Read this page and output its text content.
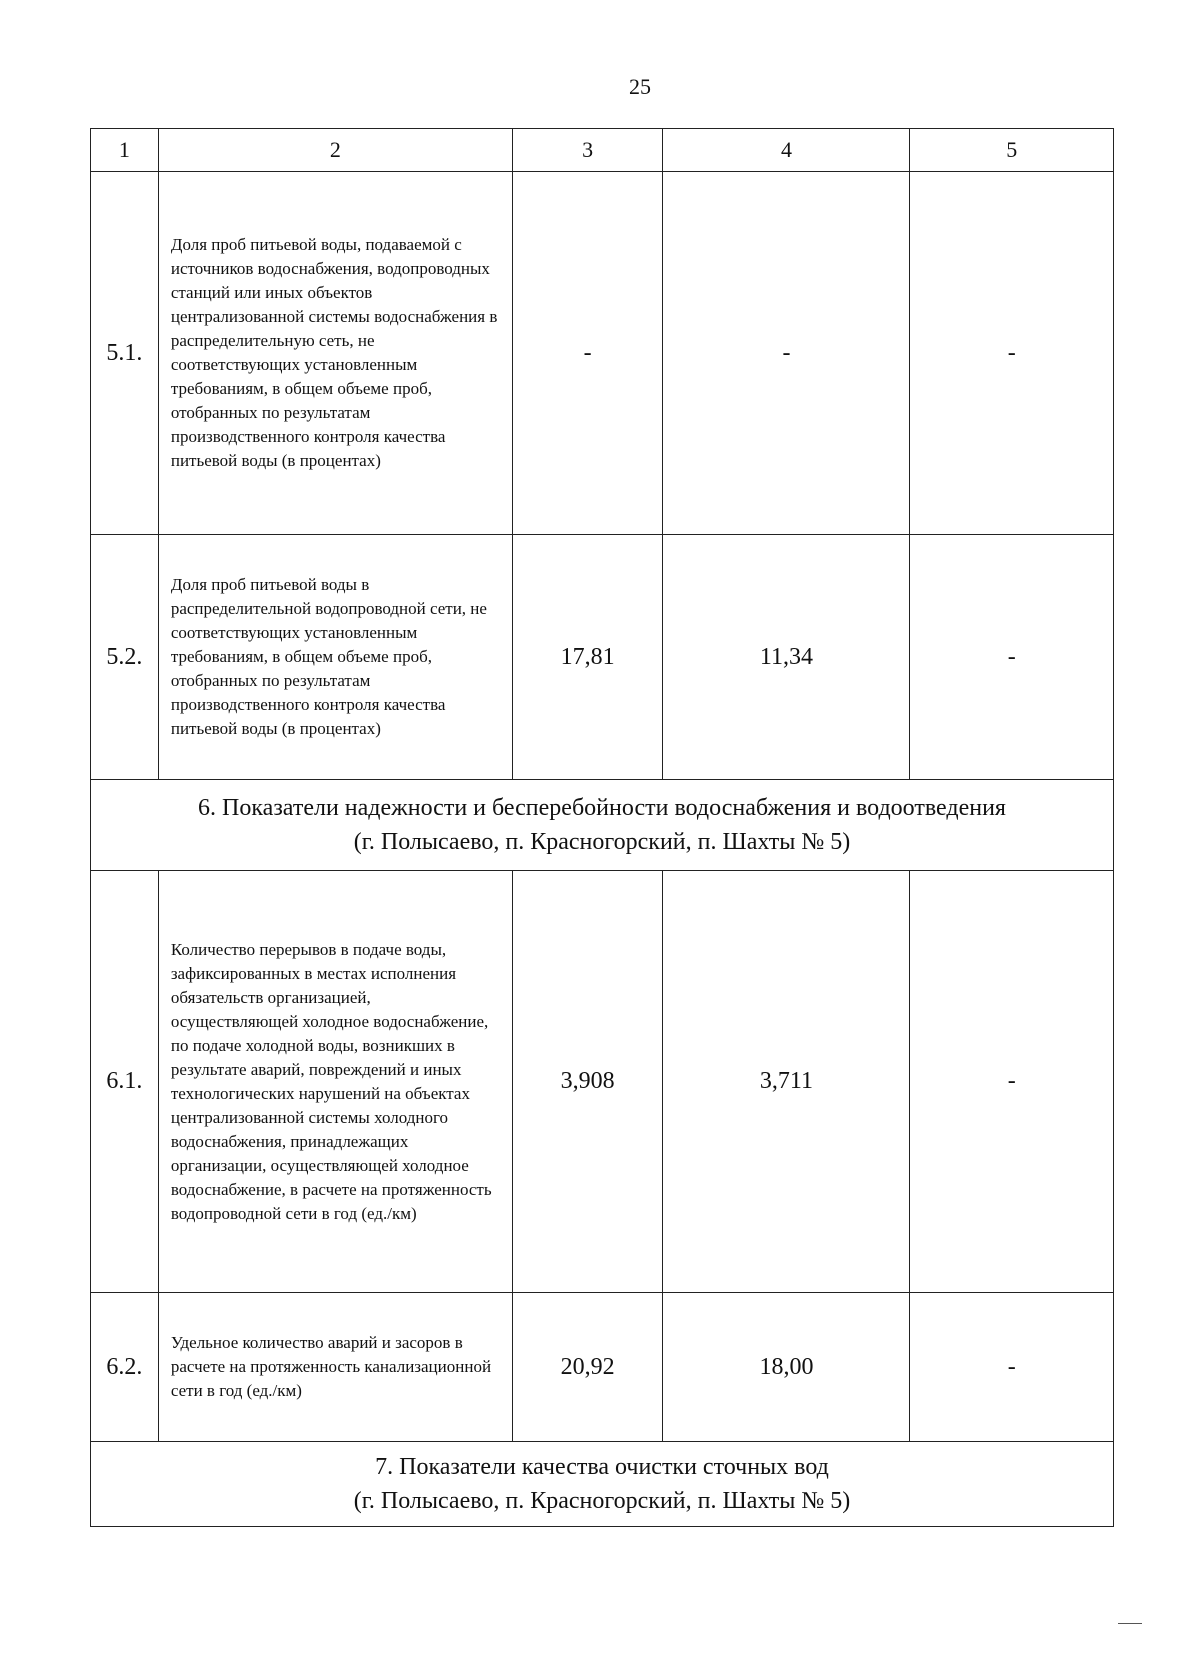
25
1	2	3	4	5
5.1.	Доля проб питьевой воды, подаваемой с источников водоснабжения, водопроводных станций или иных объектов централизованной системы водоснабжения в распределительную сеть, не соответствующих установленным требованиям, в общем объеме проб, отобранных по результатам производственного контроля качества питьевой воды (в процентах)	-	-	-
5.2.	Доля проб питьевой воды в распределительной водопроводной сети, не соответствующих установленным требованиям, в общем объеме проб, отобранных по результатам производственного контроля качества питьевой воды (в процентах)	17,81	11,34	-

6. Показатели надежности и бесперебойности водоснабжения и водоотведения
(г. Полысаево, п. Красногорский, п. Шахты № 5)				

6.1.	Количество перерывов в подаче воды, зафиксированных в местах исполнения обязательств организацией, осуществляющей холодное водоснабжение, по подаче холодной воды, возникших в результате аварий, повреждений и иных технологических нарушений на объектах централизованной системы холодного водоснабжения, принадлежащих организации, осуществляющей холодное водоснабжение, в расчете на протяженность водопроводной сети в год (ед./км)	3,908	3,711	-
6.2.	Удельное количество аварий и засоров в расчете на протяженность канализационной сети в год (ед./км)	20,92	18,00	-

7. Показатели качества очистки сточных вод
(г. Полысаево, п. Красногорский, п. Шахты № 5)				
